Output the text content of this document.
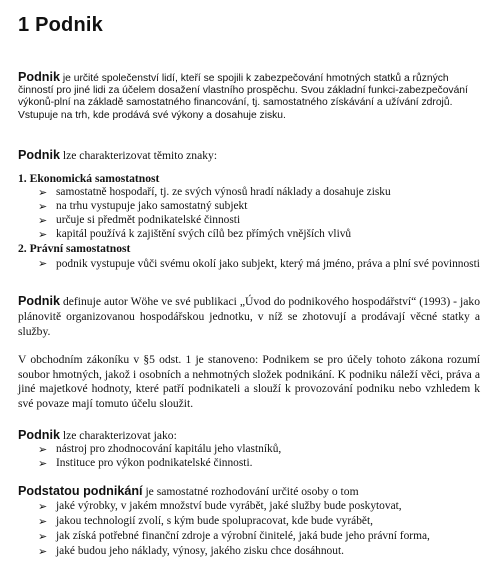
1 Podnik
Podnik je určité společenství lidí, kteří se spojili k zabezpečování hmotných statků a různých činností pro jiné lidi za účelem dosažení vlastního prospěchu. Svou základní funkci-zabezpečování výkonů-plní na základě samostatného financování, tj. samostatného získávání a užívání zdrojů. Vstupuje na trh, kde prodává své výkony a dosahuje zisku.
Podnik lze charakterizovat těmito znaky:
1. Ekonomická samostatnost
➢ samostatně hospodaří, tj. ze svých výnosů hradí náklady a dosahuje zisku
➢ na trhu vystupuje jako samostatný subjekt
➢ určuje si předmět podnikatelské činnosti
➢ kapitál používá k zajištění svých cílů bez přímých vnějších vlivů
2. Právní samostatnost
➢ podnik vystupuje vůči svému okolí jako subjekt, který má jméno, práva a plní své povinnosti
Podnik definuje autor Wöhe ve své publikaci „Úvod do podnikového hospodářství“ (1993) - jako plánovitě organizovanou hospodářskou jednotku, v níž se zhotovují a prodávají věcné statky a služby.
V obchodním zákoníku v §5 odst. 1 je stanoveno: Podnikem se pro účely tohoto zákona rozumí soubor hmotných, jakož i osobních a nehmotných složek podnikání. K podniku náleží věci, práva a jiné majetkové hodnoty, které patří podnikateli a slouží k provozování podniku nebo vzhledem k své povaze mají tomuto účelu sloužit.
Podnik lze charakterizovat jako:
➢ nástroj pro zhodnocování kapitálu jeho vlastníků,
➢ Instituce pro výkon podnikatelské činnosti.
Podstatou podnikání je samostatné rozhodování určité osoby o tom
➢ jaké výrobky, v jakém množství bude vyrábět, jaké služby bude poskytovat,
➢ jakou technologií zvolí, s kým bude spolupracovat, kde bude vyrábět,
➢ jak získá potřebné finanční zdroje a výrobní činitelé, jaká bude jeho právní forma,
➢ jaké budou jeho náklady, výnosy, jakého zisku chce dosáhnout.
